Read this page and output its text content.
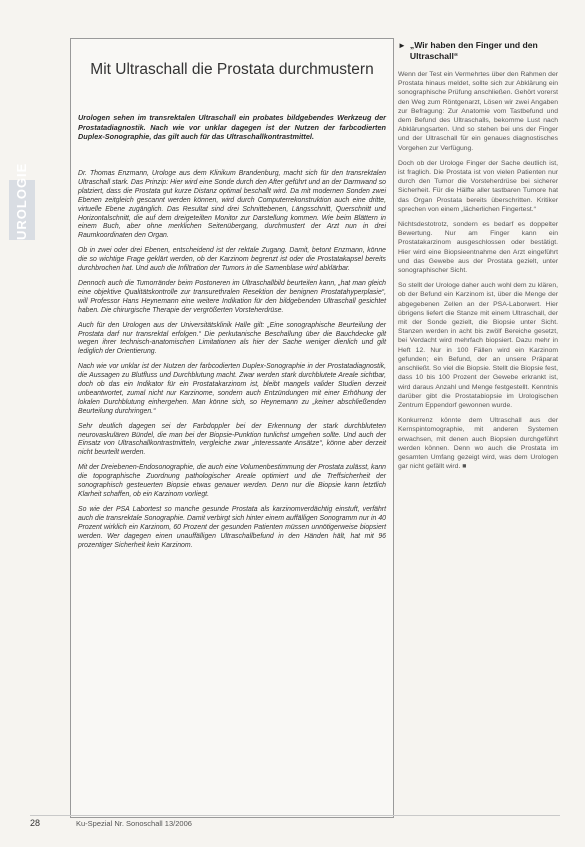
UROLOGIE
Mit Ultraschall die Prostata durchmustern
Urologen sehen im transrektalen Ultraschall ein probates bildgebendes Werkzeug der Prostatadiagnostik. Nach wie vor unklar dagegen ist der Nutzen der farbcodierten Duplex-Sonographie, das gilt auch für das Ultraschallkontrastmittel.

Dr. Thomas Enzmann, Urologe aus dem Klinikum Brandenburg, macht sich für den transrektalen Ultraschall stark. Das Prinzip: Hier wird eine Sonde durch den After geführt und an der Darmwand so platziert, dass die Prostata gut kurze Distanz optimal beschallt wird. Da mit modernen Sonden zwei Ebenen zeitgleich gescannt werden können, wird durch Computerrekonstruktion auch eine dritte, virtuelle Ebene zugänglich. Das Resultat sind drei Schnittebenen, Längsschnitt, Querschnitt und Horizontalschnitt, die auf dem dreigeteilten Monitor zur Darstellung kommen. Wie beim Blättern in einem Buch, aber ohne merklichen Seitenübergang, durchmustert der Arzt nun in drei Raumkoordinaten den Organ.

Ob in zwei oder drei Ebenen, entscheidend ist der rektale Zugang. Damit, betont Enzmann, könne die so wichtige Frage geklärt werden, ob der Karzinom begrenzt ist oder die Prostatakapsel bereits durchbrochen hat. Und auch die Infiltration der Tumors in die Samenblase wird abklärbar.

Dennoch auch die Tumorränder beim Postoneren im Ultraschallbild beurteilen kann, „hat man gleich eine objektive Qualitätskontrolle zur transurethralen Resektion der benignen Prostatahyperplasie“, will Professor Hans Heynemann eine weitere Indikation für den bildgebenden Ultraschall gesichtet haben. Die chirurgische Therapie der vergrößerten Vorsteherdrüse.

Auch für den Urologen aus der Universitätsklinik Halle gilt: „Eine sonographische Beurteilung der Prostata darf nur transrektal erfolgen.“ Die perkutanische Beschallung über die Bauchdecke gilt wegen ihrer technisch-anatomischen Limitationen als hier der Sache weniger dienlich und gilt lediglich der Orientierung.

Nach wie vor unklar ist der Nutzen der farbcodierten Duplex-Sonographie in der Prostatadiagnostik, die Aussagen zu Blutfluss und Durchblutung macht. Zwar werden stark durchblutete Areale sichtbar, doch ob das ein Indikator für ein Prostatakarzinom ist, bleibt mangels valider Studien derzeit unbeantwortet, zumal nicht nur Karzinome, sondern auch Entzündungen mit einer Erhöhung der lokalen Durchblutung einhergehen. Man könne sich, so Heynemann zu „keiner abschließenden Beurteilung durchringen.“

Sehr deutlich dagegen sei der Farbdoppler bei der Erkennung der stark durchbluteten neurovaskulären Bündel, die man bei der Biopsie-Punktion tunlichst umgehen sollte. Und auch der Einsatz von Ultraschallkontrastmitteln, vergleiche zwar „interessante Ansätze“, könne aber derzeit nicht beurteilt werden.

Mit der Dreiebenen-Endosonographie, die auch eine Volumenbestimmung der Prostata zulässt, kann die topographische Zuordnung pathologischer Areale optimiert und die Treffsicherheit der sonographisch gesteuerten Biopsie etwas genauer werden. Denn nur die Biopsie kann letztlich Klarheit schaffen, ob ein Karzinom vorliegt.

So wie der PSA Labortest so manche gesunde Prostata als karzinomverdächtig einstuft, verfährt auch die transrektale Sonographie. Damit verbirgt sich hinter einem auffälligen Sonogramm nur in 40 Prozent wirklich ein Karzinom, 60 Prozent der gesunden Patienten müssen unnötigerweise biopsiert werden. Wer dagegen einen unauffälligen Ultraschallbefund in den Händen hält, hat mit 96 prozentiger Sicherheit kein Karzinom.

► „Wir haben den Finger und den Ultraschall“

Wenn der Test ein Vermehrtes über den Rahmen der Prostata hinaus meldet, sollte sich zur Abklärung ein sonographische Prüfung anschließen. Gehört vorerst den Weg zum Röntgenarzt, Lösen wir zwei Angaben zur Befragung: Zur Anatomie vom Tastbefund und dem Befund des Ultraschalls, bekomme Lust nach Abklärungsarten. Und so stehen bei uns der Finger und der Ultraschall für ein genaues diagnostisches Vorgehen zur Verfügung.

Doch ob der Urologe Finger der Sache deutlich ist, ist fraglich. Die Prostata ist von vielen Patienten nur durch den Tumor die Vorsteherdrüse bei sicherer Sicherheit. Für die Hälfte aller tastbaren Tumore hat das Organ Prostata bereits überschritten. Kritiker sprechen von einem „lächerlichen Fingertest.“

Nichtsdestotrotz, sondern es bedarf es doppelter Bewertung. Nur am Finger kann ein Prostatakarzinom ausgeschlossen oder bestätigt. Hier wird eine Biopsieentnahme den Arzt eingeführt und das Gewebe aus der Prostata gezielt, unter sonographischer Sicht.

So stellt der Urologe daher auch wohl dem zu klären, ob der Befund ein Karzinom ist, über die Menge der abgegebenen Zellen an der PSA-Laborwert. Hier übrigens liefert die Stanze mit einem Ultraschall, der mit der Sonde gezielt, die Biopsie unter Sicht. Stanzen werden in acht bis zwölf Bereiche gesetzt, bei Verdacht wird mehrfach biopsiert. Dazu mehr in Heft 12. Nur in 100 Fällen wird ein Karzinom gefunden; ein Befund, der an unsere Präparat anschließt. So viel die Biopsie. Stellt die Biopsie fest, dass 10 bis 100 Prozent der Gewebe erkrankt ist, wird daraus Anzahl und Menge festgestellt. Kenntnis darüber gibt die Prostatabiopsie im Urologischen Zentrum Eppendorf gewonnen wurde.

Konkurrenz könnte dem Ultraschall aus der Kernspintomographie, mit anderen Systemen erwachsen, mit denen auch Biopsien durchgeführt werden können. Denn wo auch die Prostata im gesamten Umfang gezeigt wird, was dem Urologen gar nicht gefällt wird. ■

28	Ku-Spezial Nr. Sonoschall 13/2006
